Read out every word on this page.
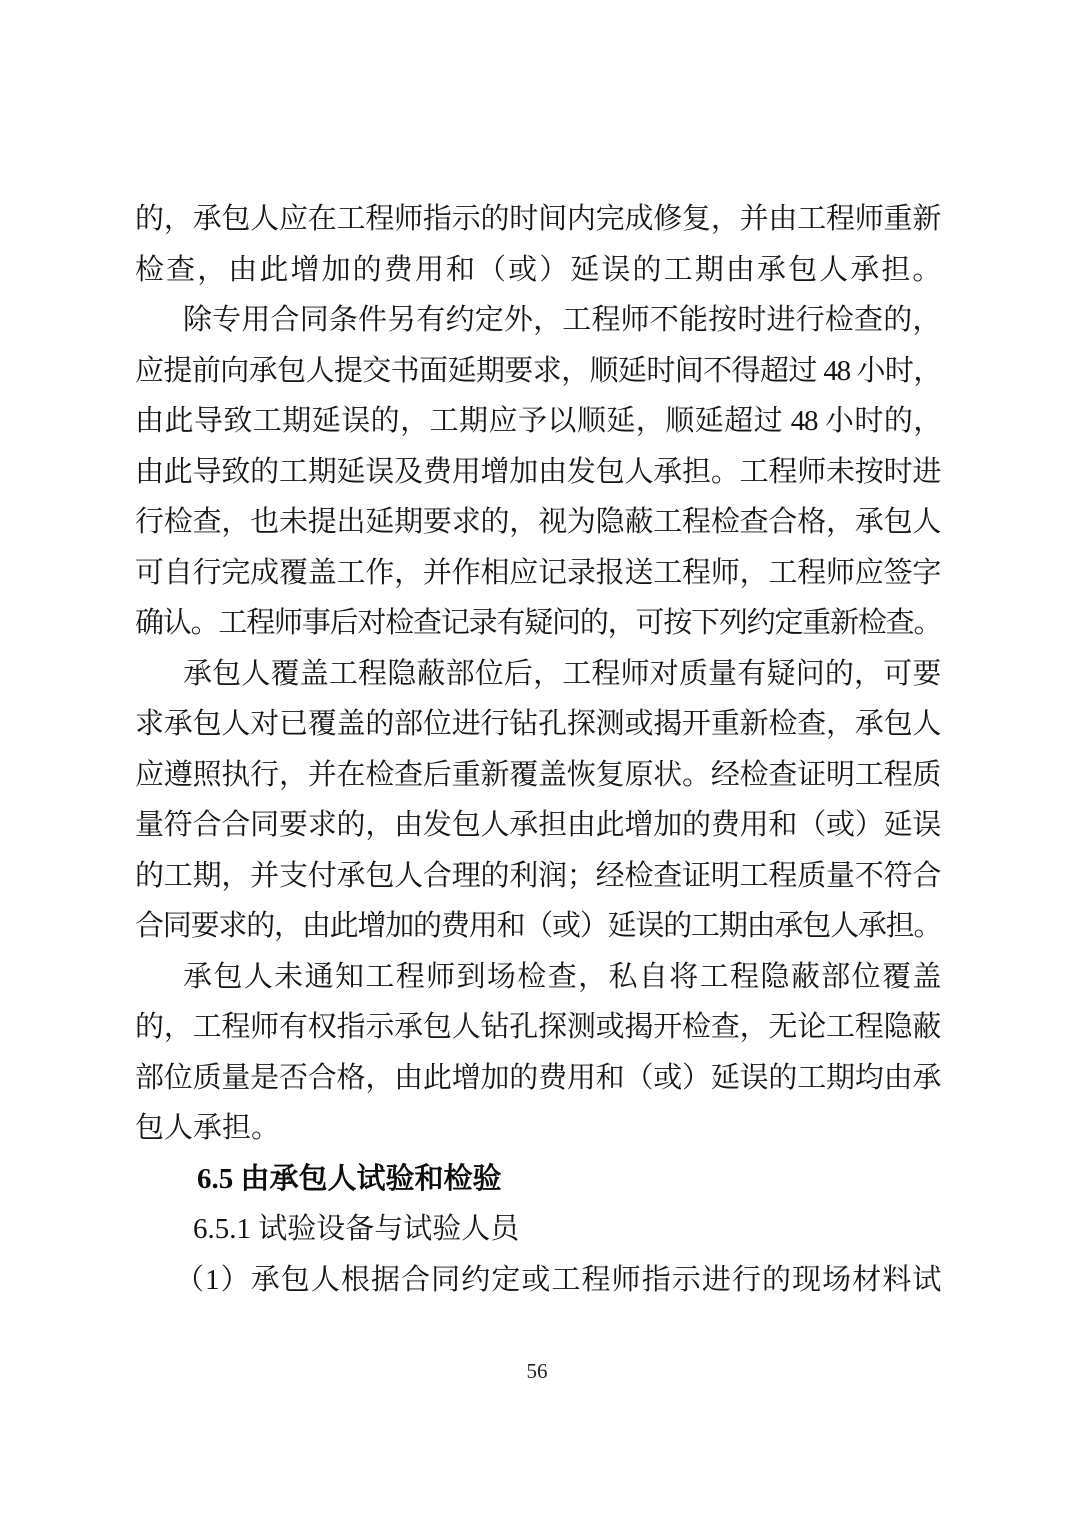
的，承包人应在工程师指示的时间内完成修复，并由工程师重新
检查，由此增加的费用和（或）延误的工期由承包人承担。
除专用合同条件另有约定外，工程师不能按时进行检查的，
应提前向承包人提交书面延期要求，顺延时间不得超过 48 小时，
由此导致工期延误的，工期应予以顺延，顺延超过 48 小时的，
由此导致的工期延误及费用增加由发包人承担。工程师未按时进
行检查，也未提出延期要求的，视为隐蔽工程检查合格，承包人
可自行完成覆盖工作，并作相应记录报送工程师，工程师应签字
确认。工程师事后对检查记录有疑问的，可按下列约定重新检查。
承包人覆盖工程隐蔽部位后，工程师对质量有疑问的，可要
求承包人对已覆盖的部位进行钻孔探测或揭开重新检查，承包人
应遵照执行，并在检查后重新覆盖恢复原状。经检查证明工程质
量符合合同要求的，由发包人承担由此增加的费用和（或）延误
的工期，并支付承包人合理的利润；经检查证明工程质量不符合
合同要求的，由此增加的费用和（或）延误的工期由承包人承担。
承包人未通知工程师到场检查，私自将工程隐蔽部位覆盖
的，工程师有权指示承包人钻孔探测或揭开检查，无论工程隐蔽
部位质量是否合格，由此增加的费用和（或）延误的工期均由承
包人承担。
6.5 由承包人试验和检验
6.5.1 试验设备与试验人员
（1）承包人根据合同约定或工程师指示进行的现场材料试
56
